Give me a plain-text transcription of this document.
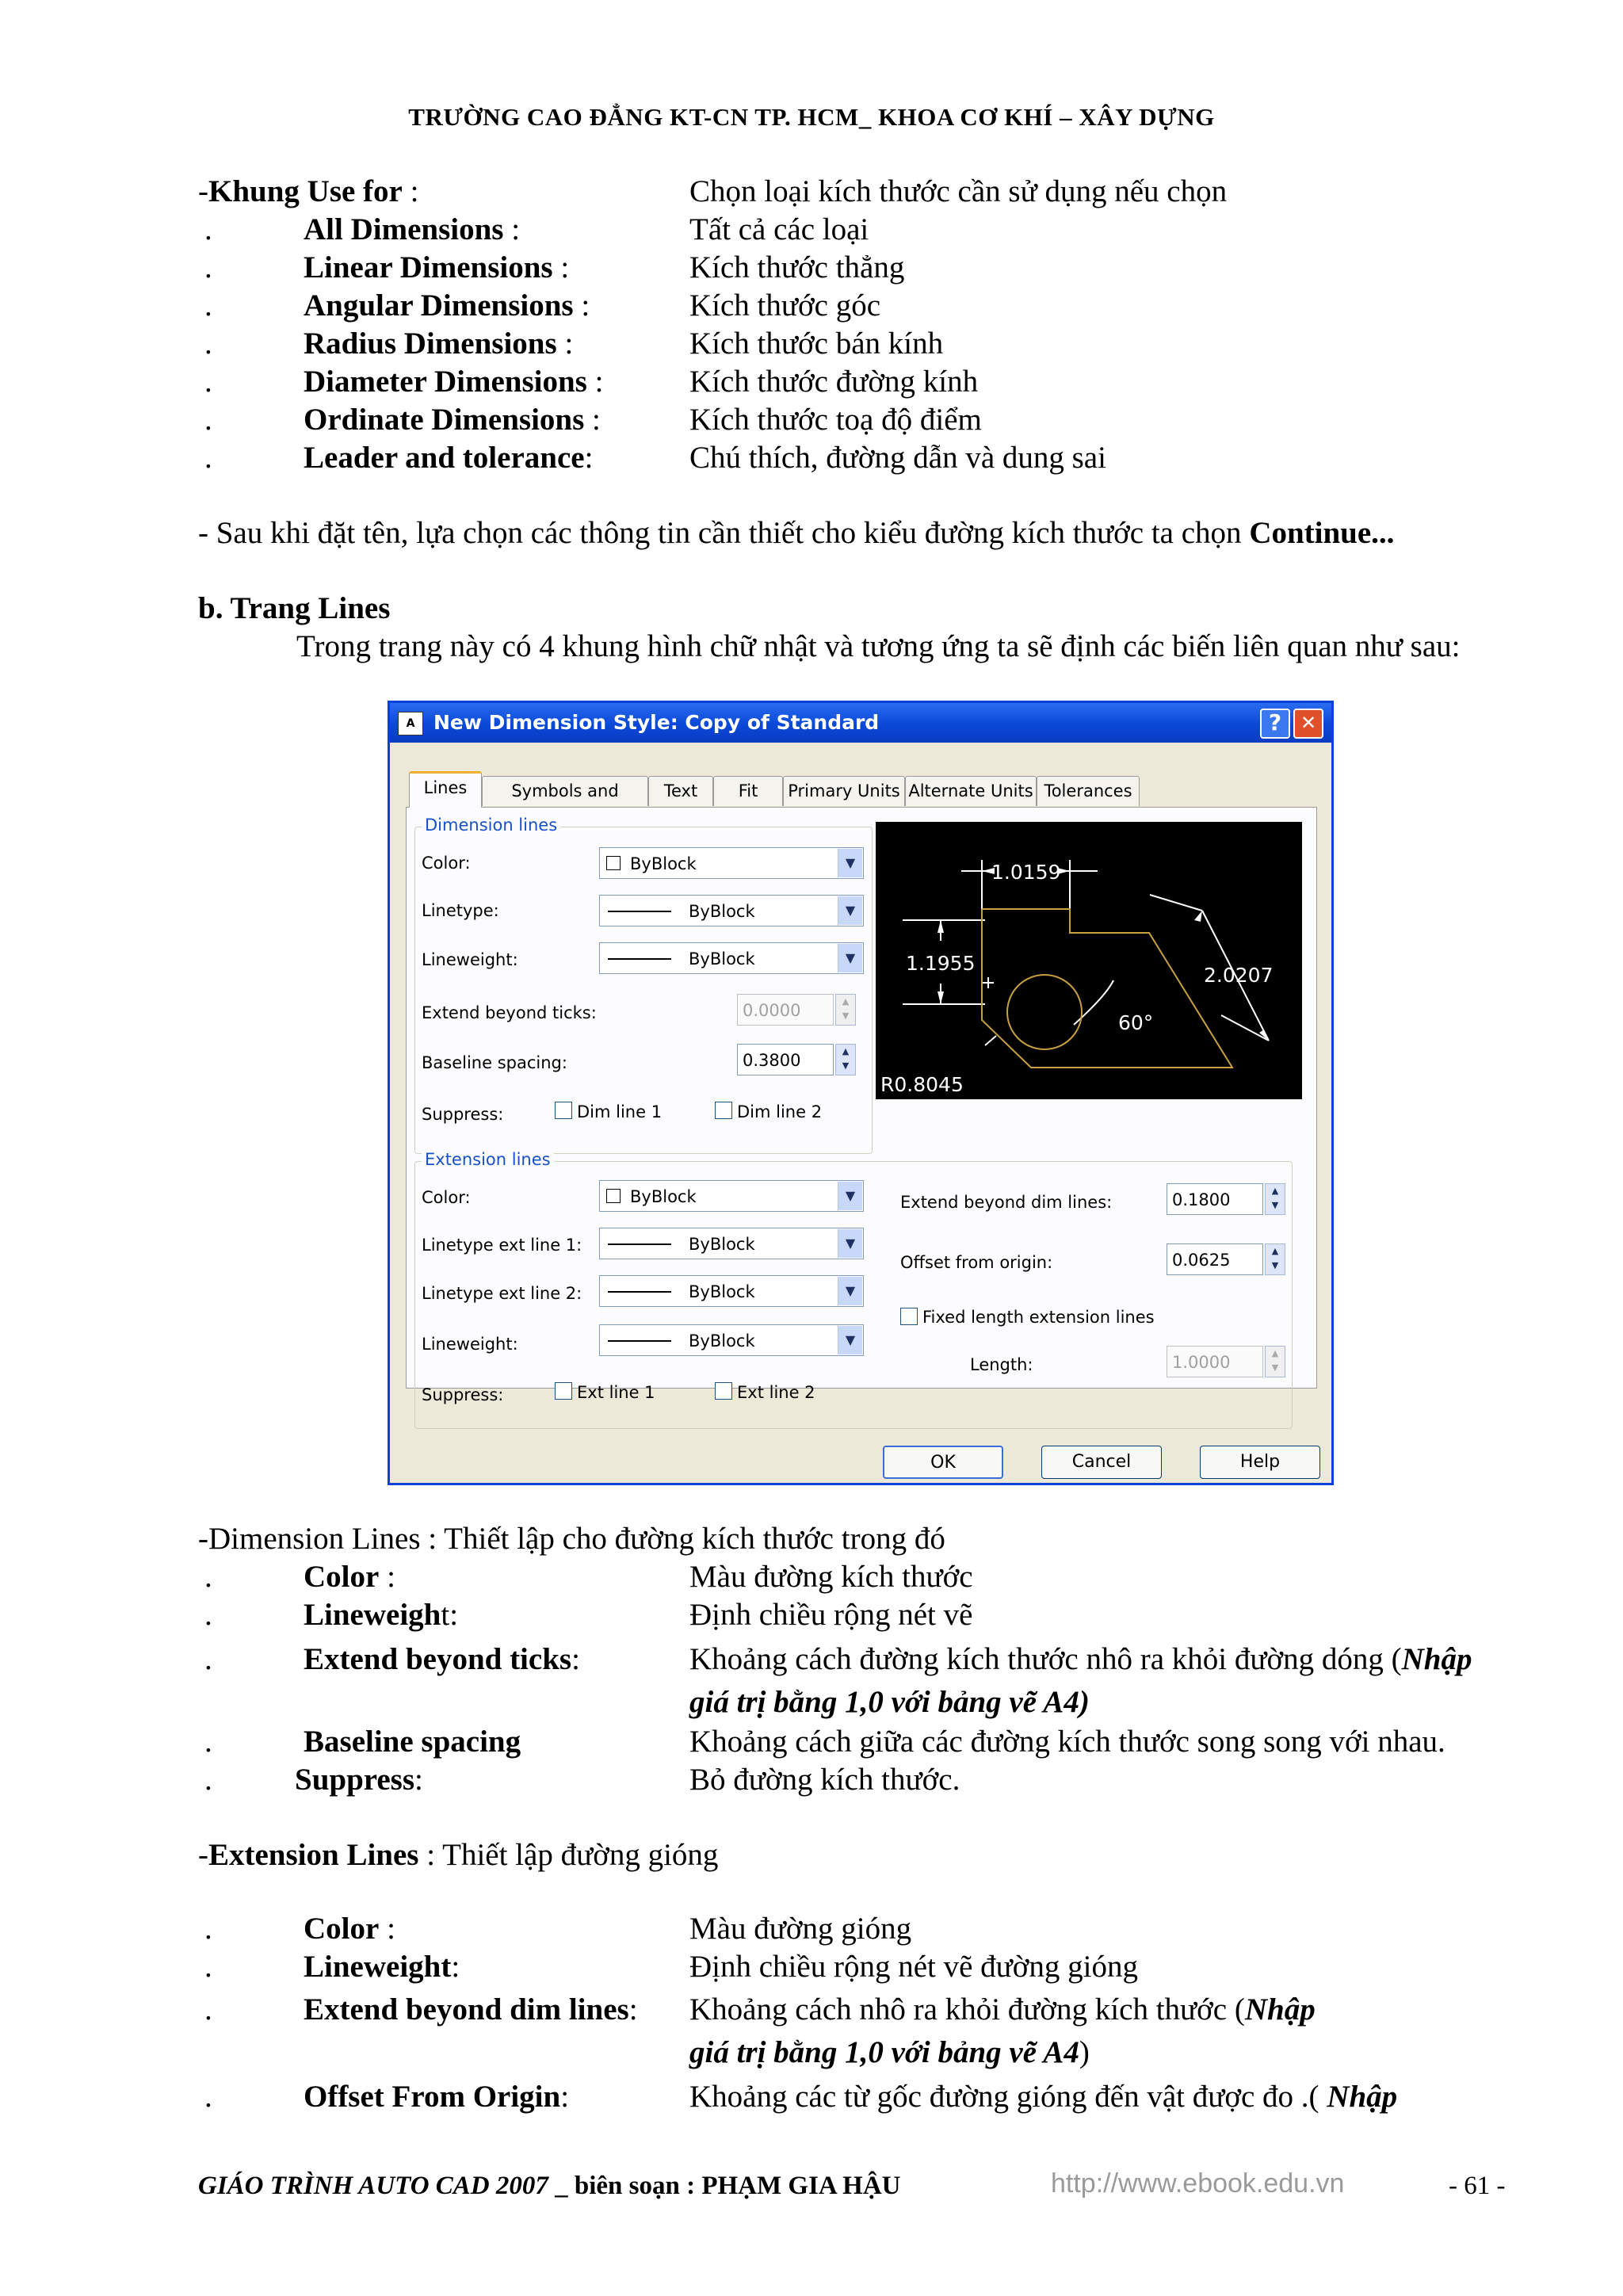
TRƯỜNG CAO ĐẲNG KT-CN TP. HCM_ KHOA CƠ KHÍ – XÂY DỰNG
-Khung Use for :	Chọn loại kích thước cần sử dụng nếu chọn
.	All Dimensions :	Tất cả các loại
.	Linear Dimensions :	Kích thước thẳng
.	Angular Dimensions :	Kích thước góc
.	Radius Dimensions :	Kích thước bán kính
.	Diameter Dimensions :	Kích thước đường kính
.	Ordinate Dimensions :	Kích thước toạ độ điểm
.	Leader and tolerance:	Chú thích, đường dẫn và dung sai
- Sau khi đặt tên, lựa chọn các thông tin cần thiết cho kiểu đường kích thước ta chọn Continue...
b. Trang Lines
Trong trang này có 4 khung hình chữ nhật và tương ứng ta sẽ định các biến liên quan như sau:
A New Dimension Style: Copy of Standard	? ✕
Lines	Symbols and	Text	Fit	Primary Units Alternate Units Tolerances
Dimension lines
Color:	ByBlock	▼
Linetype:	ByBlock	▼
Lineweight:	ByBlock	▼
Extend beyond ticks:	0.0000	▲
▼
Baseline spacing:	0.3800	▲
▼
Suppress:	Dim line 1	Dim line 2
Extension lines
Color:	ByBlock	▼
Linetype ext line 1:	ByBlock	▼
Linetype ext line 2:	ByBlock	▼
Lineweight:	ByBlock	▼
Suppress:	Ext line 1	Ext line 2
Extend beyond dim lines:	0.1800	▲
▼
Offset from origin:	0.0625	▲
▼
Fixed length extension lines
Length:	1.0000	▲
▼
1.0159
1.1955
2.0207
60°
R0.8045
OK	Cancel	Help
-Dimension Lines : Thiết lập cho đường kích thước trong đó
.	Color :	Màu đường kích thước
.	Lineweight:	Định chiều rộng nét vẽ
.	Extend beyond ticks:	Khoảng cách đường kích thước nhô ra khỏi đường dóng (Nhập
giá trị bằng 1,0 với bảng vẽ A4)
.	Baseline spacing	Khoảng cách giữa các đường kích thước song song với nhau.
.	Suppress:	Bỏ đường kích thước.
-Extension Lines : Thiết lập đường gióng
.	Color :	Màu đường gióng
.	Lineweight:	Định chiều rộng nét vẽ đường gióng
.	Extend beyond dim lines: Khoảng cách nhô ra khỏi đường kích thước (Nhập
giá trị bằng 1,0 với bảng vẽ A4)
.	Offset From Origin:	Khoảng các từ gốc đường gióng đến vật được đo .( Nhập
GIÁO TRÌNH AUTO CAD 2007 _ biên soạn : PHẠM GIA HẬU	http://www.ebook.edu.vn	- 61 -
